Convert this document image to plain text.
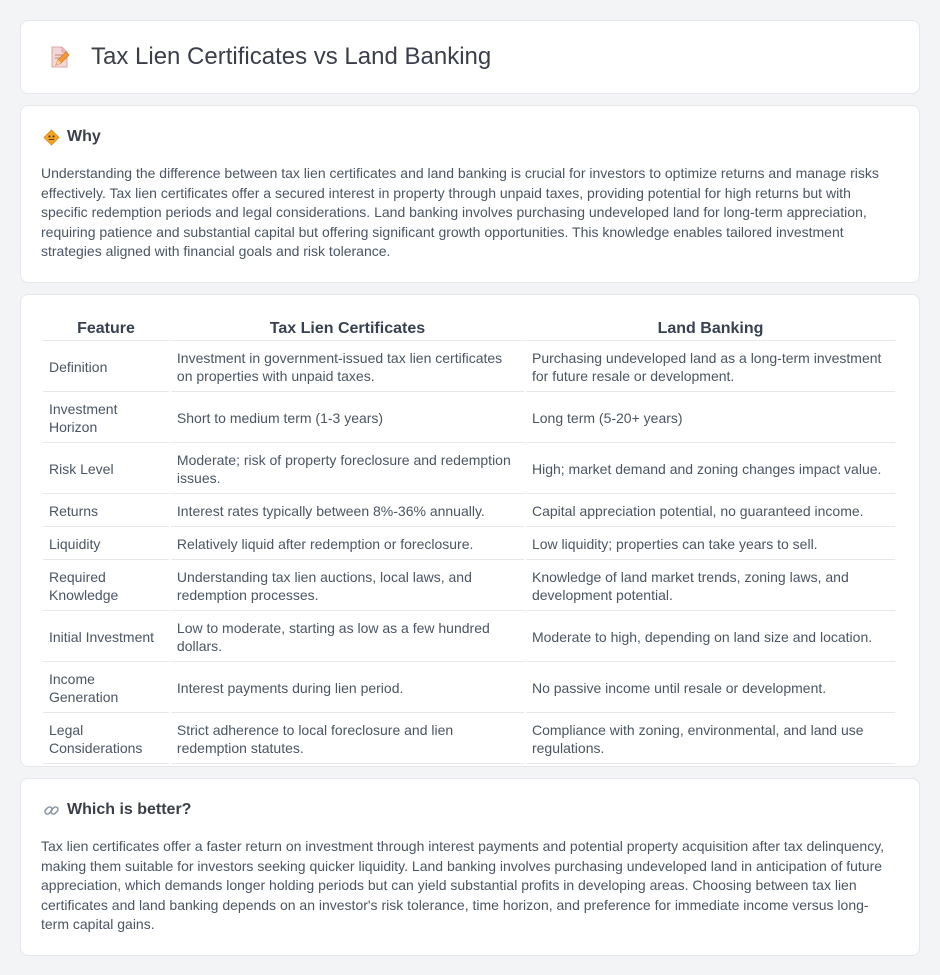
Tax Lien Certificates vs Land Banking
Why

Understanding the difference between tax lien certificates and land banking is crucial for investors to optimize returns and manage risks effectively. Tax lien certificates offer a secured interest in property through unpaid taxes, providing potential for high returns but with specific redemption periods and legal considerations. Land banking involves purchasing undeveloped land for long-term appreciation, requiring patience and substantial capital but offering significant growth opportunities. This knowledge enables tailored investment strategies aligned with financial goals and risk tolerance.

Feature	Tax Lien Certificates	Land Banking
Definition	Investment in government-issued tax lien certificates on properties with unpaid taxes.	Purchasing undeveloped land as a long-term investment for future resale or development.
Investment Horizon	Short to medium term (1-3 years)	Long term (5-20+ years)
Risk Level	Moderate; risk of property foreclosure and redemption issues.	High; market demand and zoning changes impact value.
Returns	Interest rates typically between 8%-36% annually.	Capital appreciation potential, no guaranteed income.
Liquidity	Relatively liquid after redemption or foreclosure.	Low liquidity; properties can take years to sell.
Required Knowledge	Understanding tax lien auctions, local laws, and redemption processes.	Knowledge of land market trends, zoning laws, and development potential.
Initial Investment	Low to moderate, starting as low as a few hundred dollars.	Moderate to high, depending on land size and location.
Income Generation	Interest payments during lien period.	No passive income until resale or development.
Legal Considerations	Strict adherence to local foreclosure and lien redemption statutes.	Compliance with zoning, environmental, and land use regulations.
Which is better?

Tax lien certificates offer a faster return on investment through interest payments and potential property acquisition after tax delinquency, making them suitable for investors seeking quicker liquidity. Land banking involves purchasing undeveloped land in anticipation of future appreciation, which demands longer holding periods but can yield substantial profits in developing areas. Choosing between tax lien certificates and land banking depends on an investor's risk tolerance, time horizon, and preference for immediate income versus long-term capital gains.
